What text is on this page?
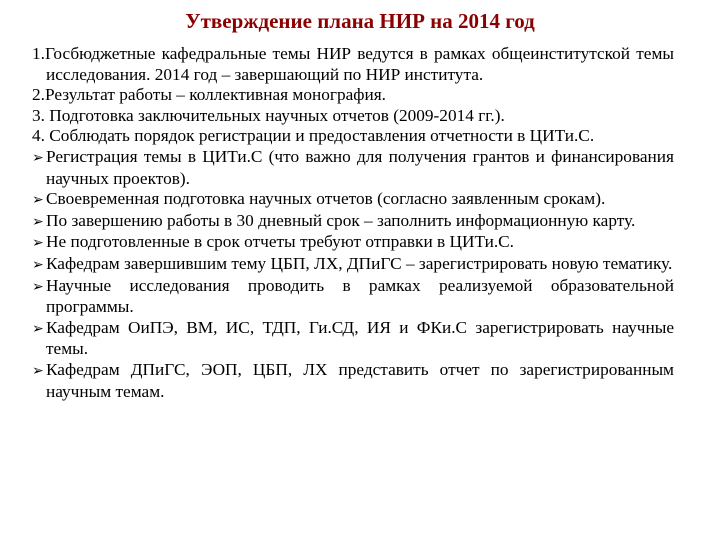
Утверждение плана НИР на 2014 год

1.Госбюджетные кафедральные темы НИР ведутся в рамках общеинститутской темы исследования. 2014 год – завершающий по НИР института.

2.Результат работы – коллективная монография.

3. Подготовка заключительных научных отчетов (2009-2014 гг.).

4. Соблюдать порядок регистрации и предоставления отчетности в ЦИТи.С.

➢ Регистрация темы в ЦИТи.С (что важно для получения грантов и финансирования научных проектов).

➢ Своевременная подготовка научных отчетов (согласно заявленным срокам).

➢ По завершению работы в 30 дневный срок – заполнить информационную карту.

➢ Не подготовленные в срок отчеты требуют отправки в ЦИТи.С.

➢ Кафедрам завершившим тему ЦБП, ЛХ, ДПиГС – зарегистрировать новую тематику.

➢ Научные исследования проводить в рамках реализуемой образовательной программы.

➢ Кафедрам ОиПЭ, ВМ, ИС, ТДП, Ги.СД, ИЯ и ФКи.С зарегистрировать научные темы.

➢ Кафедрам ДПиГС, ЭОП, ЦБП, ЛХ представить отчет по зарегистрированным научным темам.
